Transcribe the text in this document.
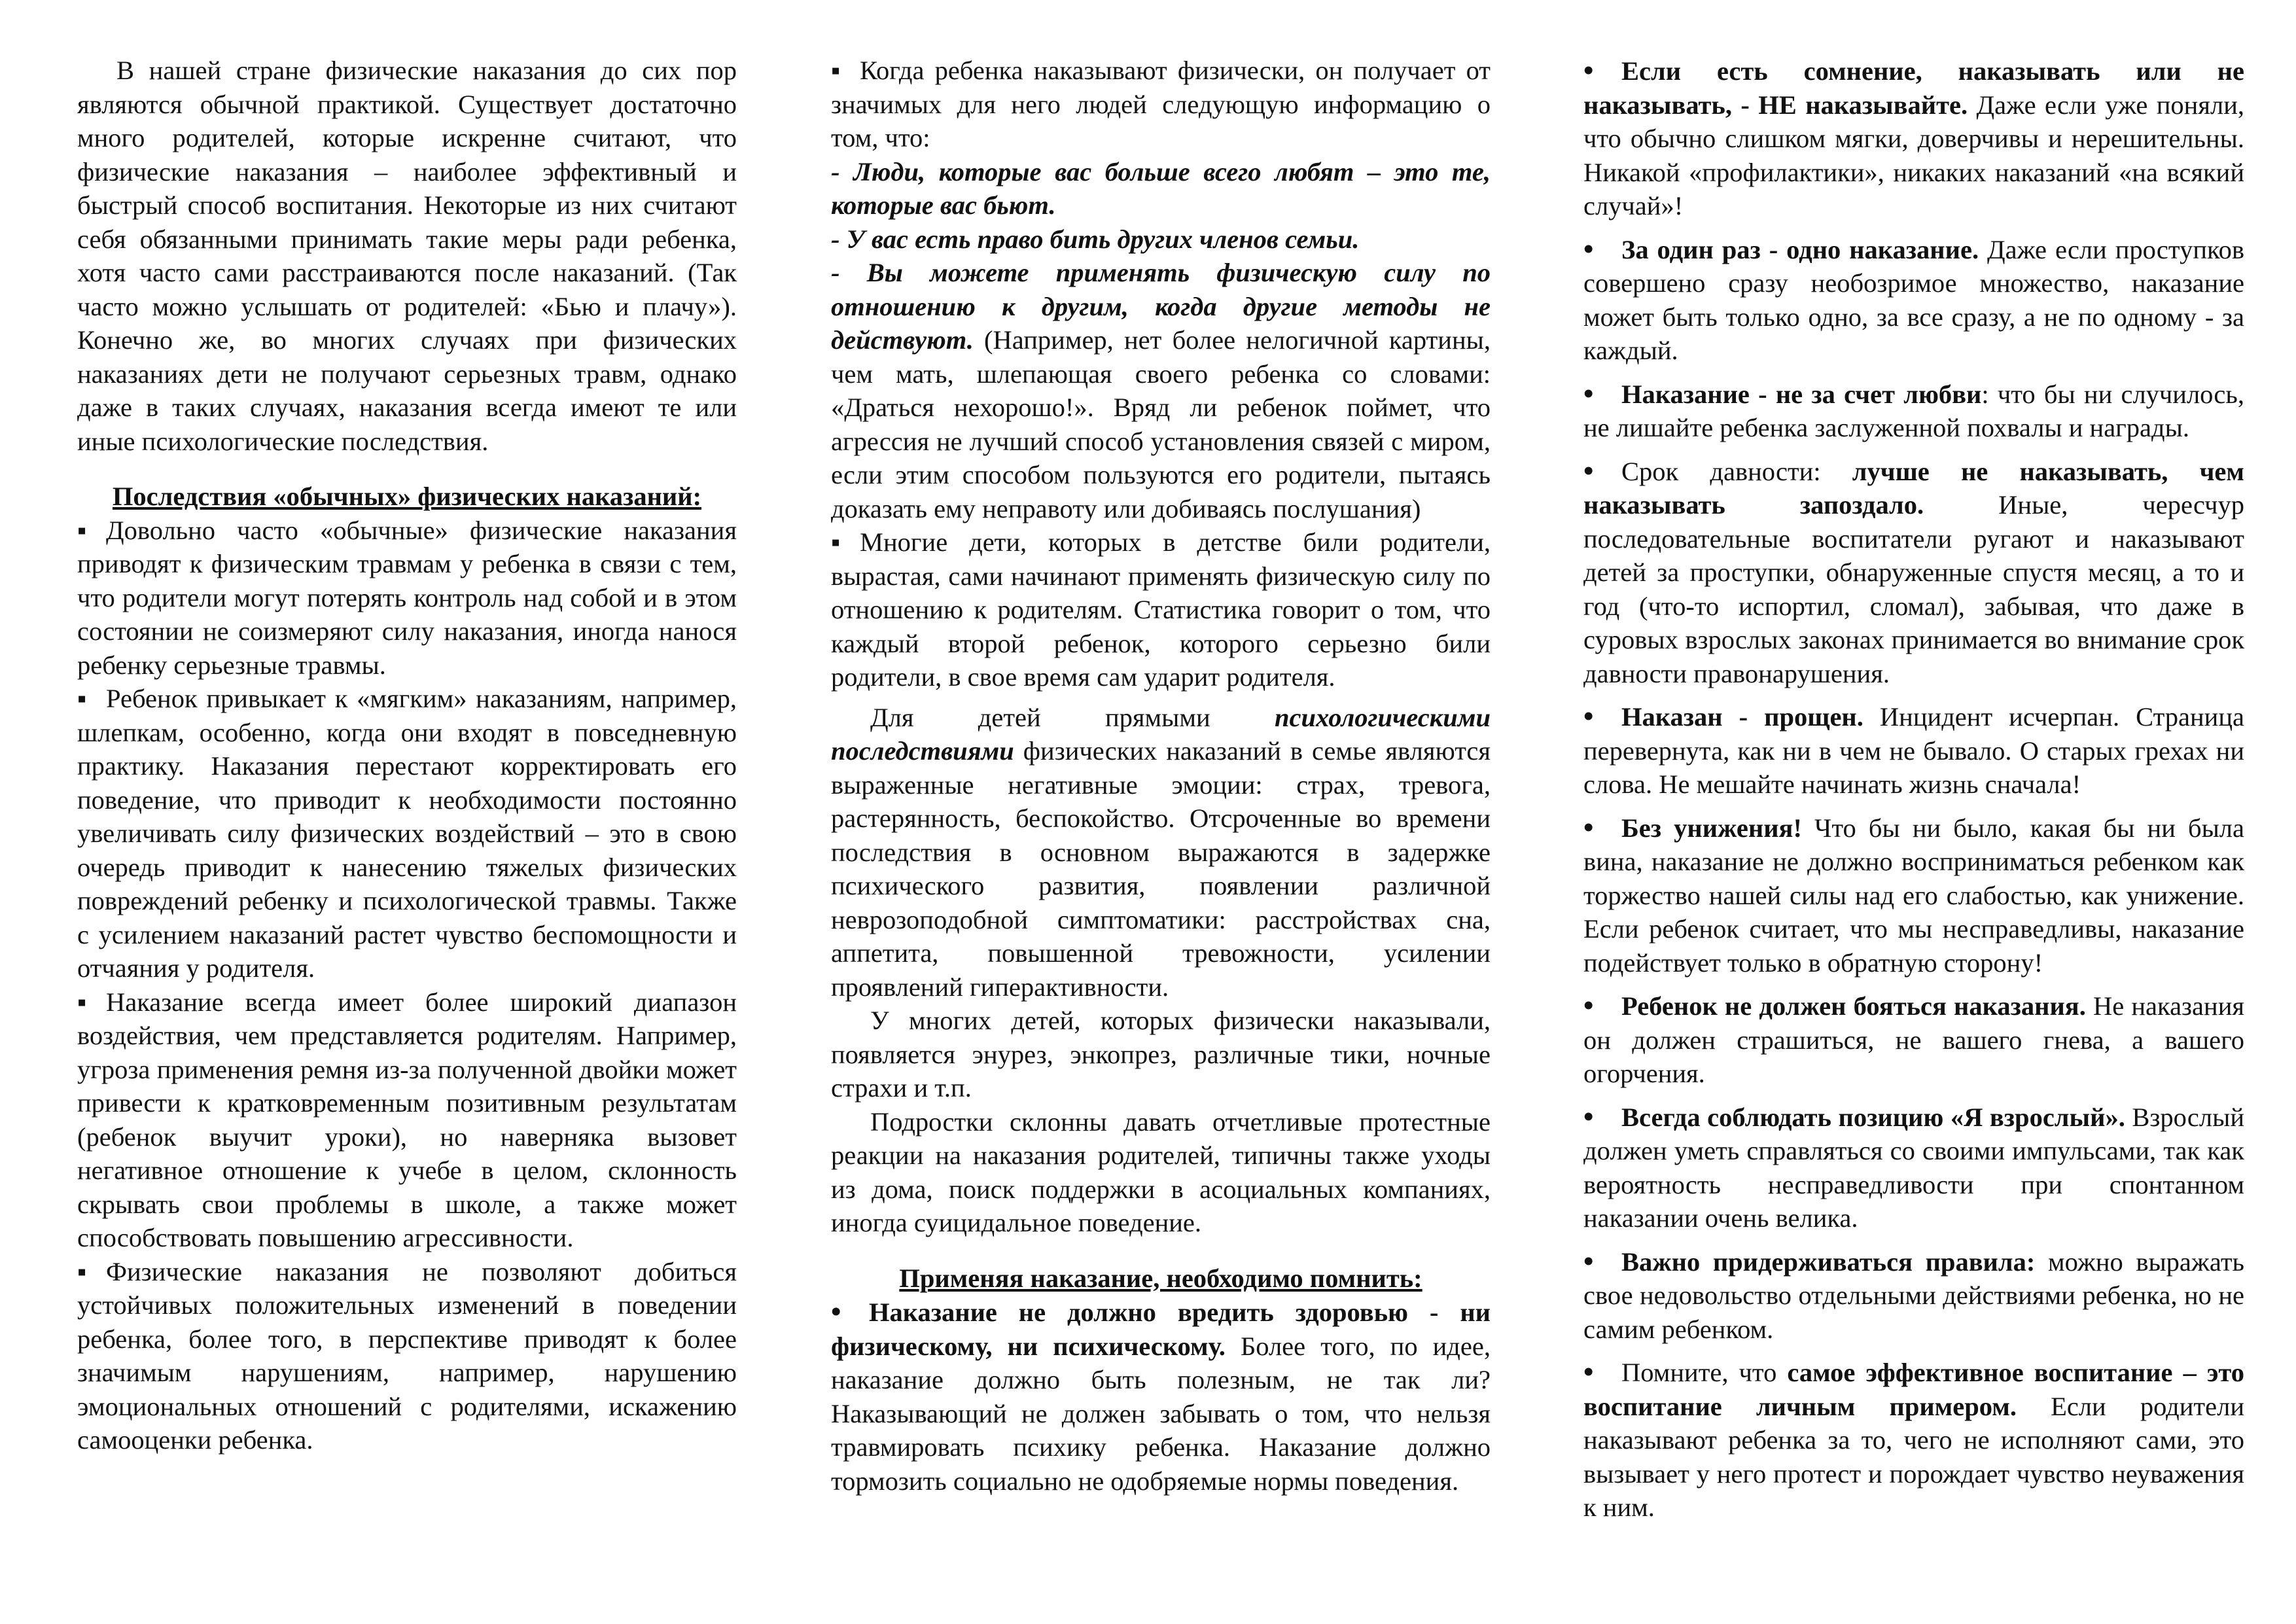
В нашей стране физические наказания до сих пор являются обычной практикой. Существует достаточно много родителей, которые искренне считают, что физические наказания – наиболее эффективный и быстрый способ воспитания. Некоторые из них считают себя обязанными принимать такие меры ради ребенка, хотя часто сами расстраиваются после наказаний. (Так часто можно услышать от родителей: «Бью и плачу»). Конечно же, во многих случаях при физических наказаниях дети не получают серьезных травм, однако даже в таких случаях, наказания всегда имеют те или иные психологические последствия.

Последствия «обычных» физических наказаний:

▪ Довольно часто «обычные» физические наказания приводят к физическим травмам у ребенка в связи с тем, что родители могут потерять контроль над собой и в этом состоянии не соизмеряют силу наказания, иногда нанося ребенку серьезные травмы.

▪ Ребенок привыкает к «мягким» наказаниям, например, шлепкам, особенно, когда они входят в повседневную практику. Наказания перестают корректировать его поведение, что приводит к необходимости постоянно увеличивать силу физических воздействий – это в свою очередь приводит к нанесению тяжелых физических повреждений ребенку и психологической травмы. Также с усилением наказаний растет чувство беспомощности и отчаяния у родителя.

▪ Наказание всегда имеет более широкий диапазон воздействия, чем представляется родителям. Например, угроза применения ремня из-за полученной двойки может привести к кратковременным позитивным результатам (ребенок выучит уроки), но наверняка вызовет негативное отношение к учебе в целом, склонность скрывать свои проблемы в школе, а также может способствовать повышению агрессивности.

▪ Физические наказания не позволяют добиться устойчивых положительных изменений в поведении ребенка, более того, в перспективе приводят к более значимым нарушениям, например, нарушению эмоциональных отношений с родителями, искажению самооценки ребенка.

▪ Когда ребенка наказывают физически, он получает от значимых для него людей следующую информацию о том, что:

- Люди, которые вас больше всего любят – это те, которые вас бьют.

- У вас есть право бить других членов семьи.

- Вы можете применять физическую силу по отношению к другим, когда другие методы не действуют. (Например, нет более нелогичной картины, чем мать, шлепающая своего ребенка со словами: «Драться нехорошо!». Вряд ли ребенок поймет, что агрессия не лучший способ установления связей с миром, если этим способом пользуются его родители, пытаясь доказать ему неправоту или добиваясь послушания)

▪ Многие дети, которых в детстве били родители, вырастая, сами начинают применять физическую силу по отношению к родителям. Статистика говорит о том, что каждый второй ребенок, которого серьезно били родители, в свое время сам ударит родителя.

Для детей прямыми психологическими последствиями физических наказаний в семье являются выраженные негативные эмоции: страх, тревога, растерянность, беспокойство. Отсроченные во времени последствия в основном выражаются в задержке психического развития, появлении различной неврозоподобной симптоматики: расстройствах сна, аппетита, повышенной тревожности, усилении проявлений гиперактивности.

У многих детей, которых физически наказывали, появляется энурез, энкопрез, различные тики, ночные страхи и т.п.

Подростки склонны давать отчетливые протестные реакции на наказания родителей, типичны также уходы из дома, поиск поддержки в асоциальных компаниях, иногда суицидальное поведение.

Применяя наказание, необходимо помнить:

• Наказание не должно вредить здоровью - ни физическому, ни психическому. Более того, по идее, наказание должно быть полезным, не так ли? Наказывающий не должен забывать о том, что нельзя травмировать психику ребенка. Наказание должно тормозить социально не одобряемые нормы поведения.

• Если есть сомнение, наказывать или не наказывать, - НЕ наказывайте. Даже если уже поняли, что обычно слишком мягки, доверчивы и нерешительны. Никакой «профилактики», никаких наказаний «на всякий случай»!

• За один раз - одно наказание. Даже если проступков совершено сразу необозримое множество, наказание может быть только одно, за все сразу, а не по одному - за каждый.

• Наказание - не за счет любви: что бы ни случилось, не лишайте ребенка заслуженной похвалы и награды.

• Срок давности: лучше не наказывать, чем наказывать запоздало. Иные, чересчур последовательные воспитатели ругают и наказывают детей за проступки, обнаруженные спустя месяц, а то и год (что-то испортил, сломал), забывая, что даже в суровых взрослых законах принимается во внимание срок давности правонарушения.

• Наказан - прощен. Инцидент исчерпан. Страница перевернута, как ни в чем не бывало. О старых грехах ни слова. Не мешайте начинать жизнь сначала!

• Без унижения! Что бы ни было, какая бы ни была вина, наказание не должно восприниматься ребенком как торжество нашей силы над его слабостью, как унижение. Если ребенок считает, что мы несправедливы, наказание подействует только в обратную сторону!

• Ребенок не должен бояться наказания. Не наказания он должен страшиться, не вашего гнева, а вашего огорчения.

• Всегда соблюдать позицию «Я взрослый». Взрослый должен уметь справляться со своими импульсами, так как вероятность несправедливости при спонтанном наказании очень велика.

• Важно придерживаться правила: можно выражать свое недовольство отдельными действиями ребенка, но не самим ребенком.

• Помните, что самое эффективное воспитание – это воспитание личным примером. Если родители наказывают ребенка за то, чего не исполняют сами, это вызывает у него протест и порождает чувство неуважения к ним.
